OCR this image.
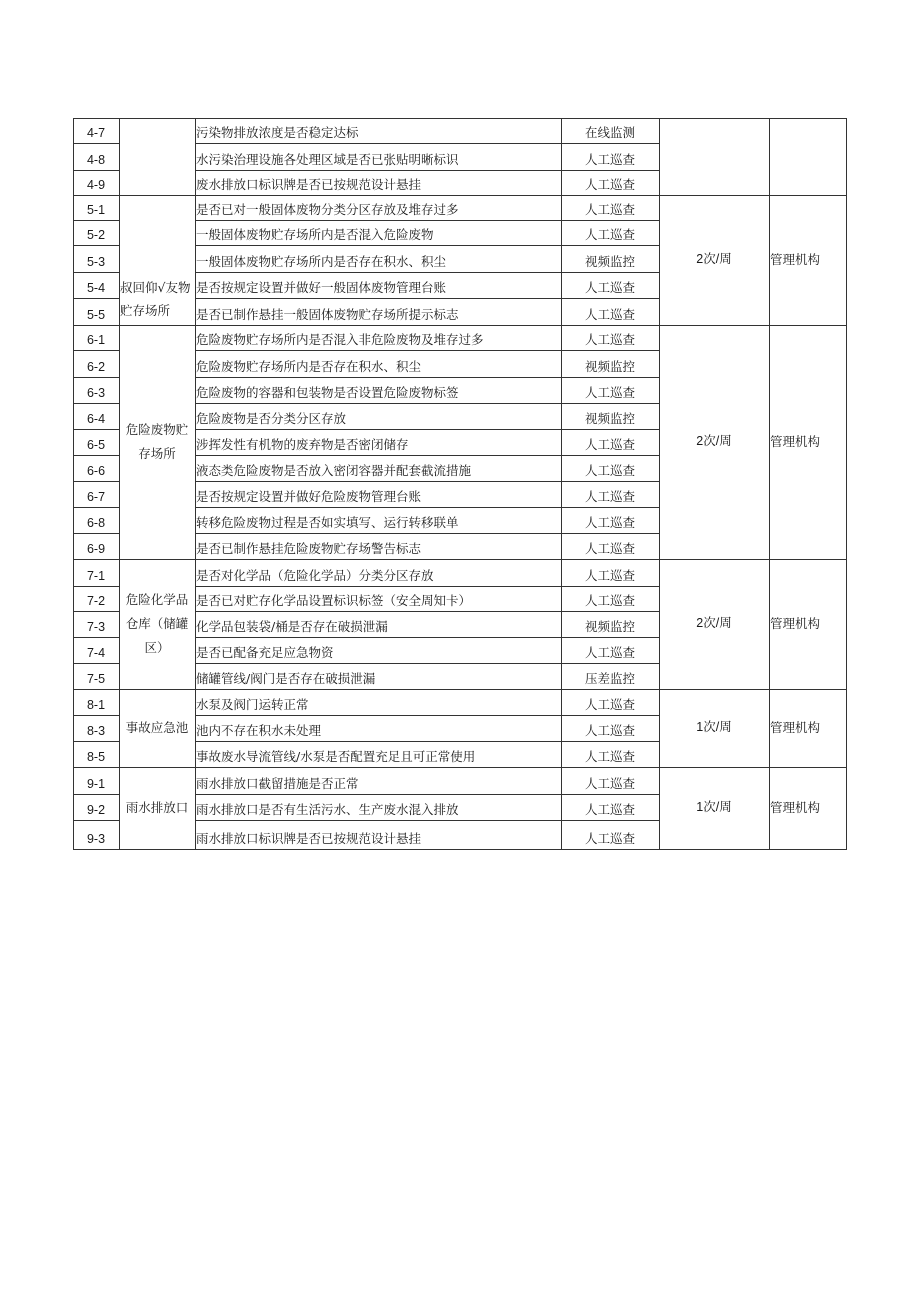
4-7	污染物排放浓度是否稳定达标	在线监测
4-8	水污染治理设施各处理区域是否已张贴明晰标识	人工巡查
4-9	废水排放口标识牌是否已按规范设计悬挂	人工巡查
5-1	是否已对一般固体废物分类分区存放及堆存过多	人工巡查
5-2	一般固体废物贮存场所内是否混入危险废物	人工巡查
5-3	一般固体废物贮存场所内是否存在积水、积尘	视频监控
5-4	是否按规定设置并做好一般固体废物管理台账	人工巡查
5-5	是否已制作悬挂一般固体废物贮存场所提示标志	人工巡查
叔回仰√友物贮存场所
2次/周	管理机构
6-1	危险废物贮存场所内是否混入非危险废物及堆存过多	人工巡查
6-2	危险废物贮存场所内是否存在积水、积尘	视频监控
6-3	危险废物的容器和包装物是否设置危险废物标签	人工巡查
6-4	危险废物是否分类分区存放	视频监控
6-5	涉挥发性有机物的废弃物是否密闭储存	人工巡查
6-6	液态类危险废物是否放入密闭容器并配套截流措施	人工巡查
6-7	是否按规定设置并做好危险废物管理台账	人工巡查
6-8	转移危险废物过程是否如实填写、运行转移联单	人工巡查
6-9	是否已制作悬挂危险废物贮存场警告标志	人工巡查
危险废物贮存场所
2次/周	管理机构
7-1	是否对化学品（危险化学品）分类分区存放	人工巡查
7-2	是否已对贮存化学品设置标识标签（安全周知卡）	人工巡查
7-3	化学品包装袋/桶是否存在破损泄漏	视频监控
7-4	是否已配备充足应急物资	人工巡查
7-5	储罐管线/阀门是否存在破损泄漏	压差监控
危险化学品仓库（储罐区）
2次/周	管理机构
8-1	水泵及阀门运转正常	人工巡查
8-3	池内不存在积水未处理	人工巡查
8-5	事故废水导流管线/水泵是否配置充足且可正常使用	人工巡查
事故应急池	1次/周	管理机构
9-1	雨水排放口截留措施是否正常	人工巡查
9-2	雨水排放口是否有生活污水、生产废水混入排放	人工巡查
9-3	雨水排放口标识牌是否已按规范设计悬挂	人工巡查
雨水排放口	1次/周	管理机构
